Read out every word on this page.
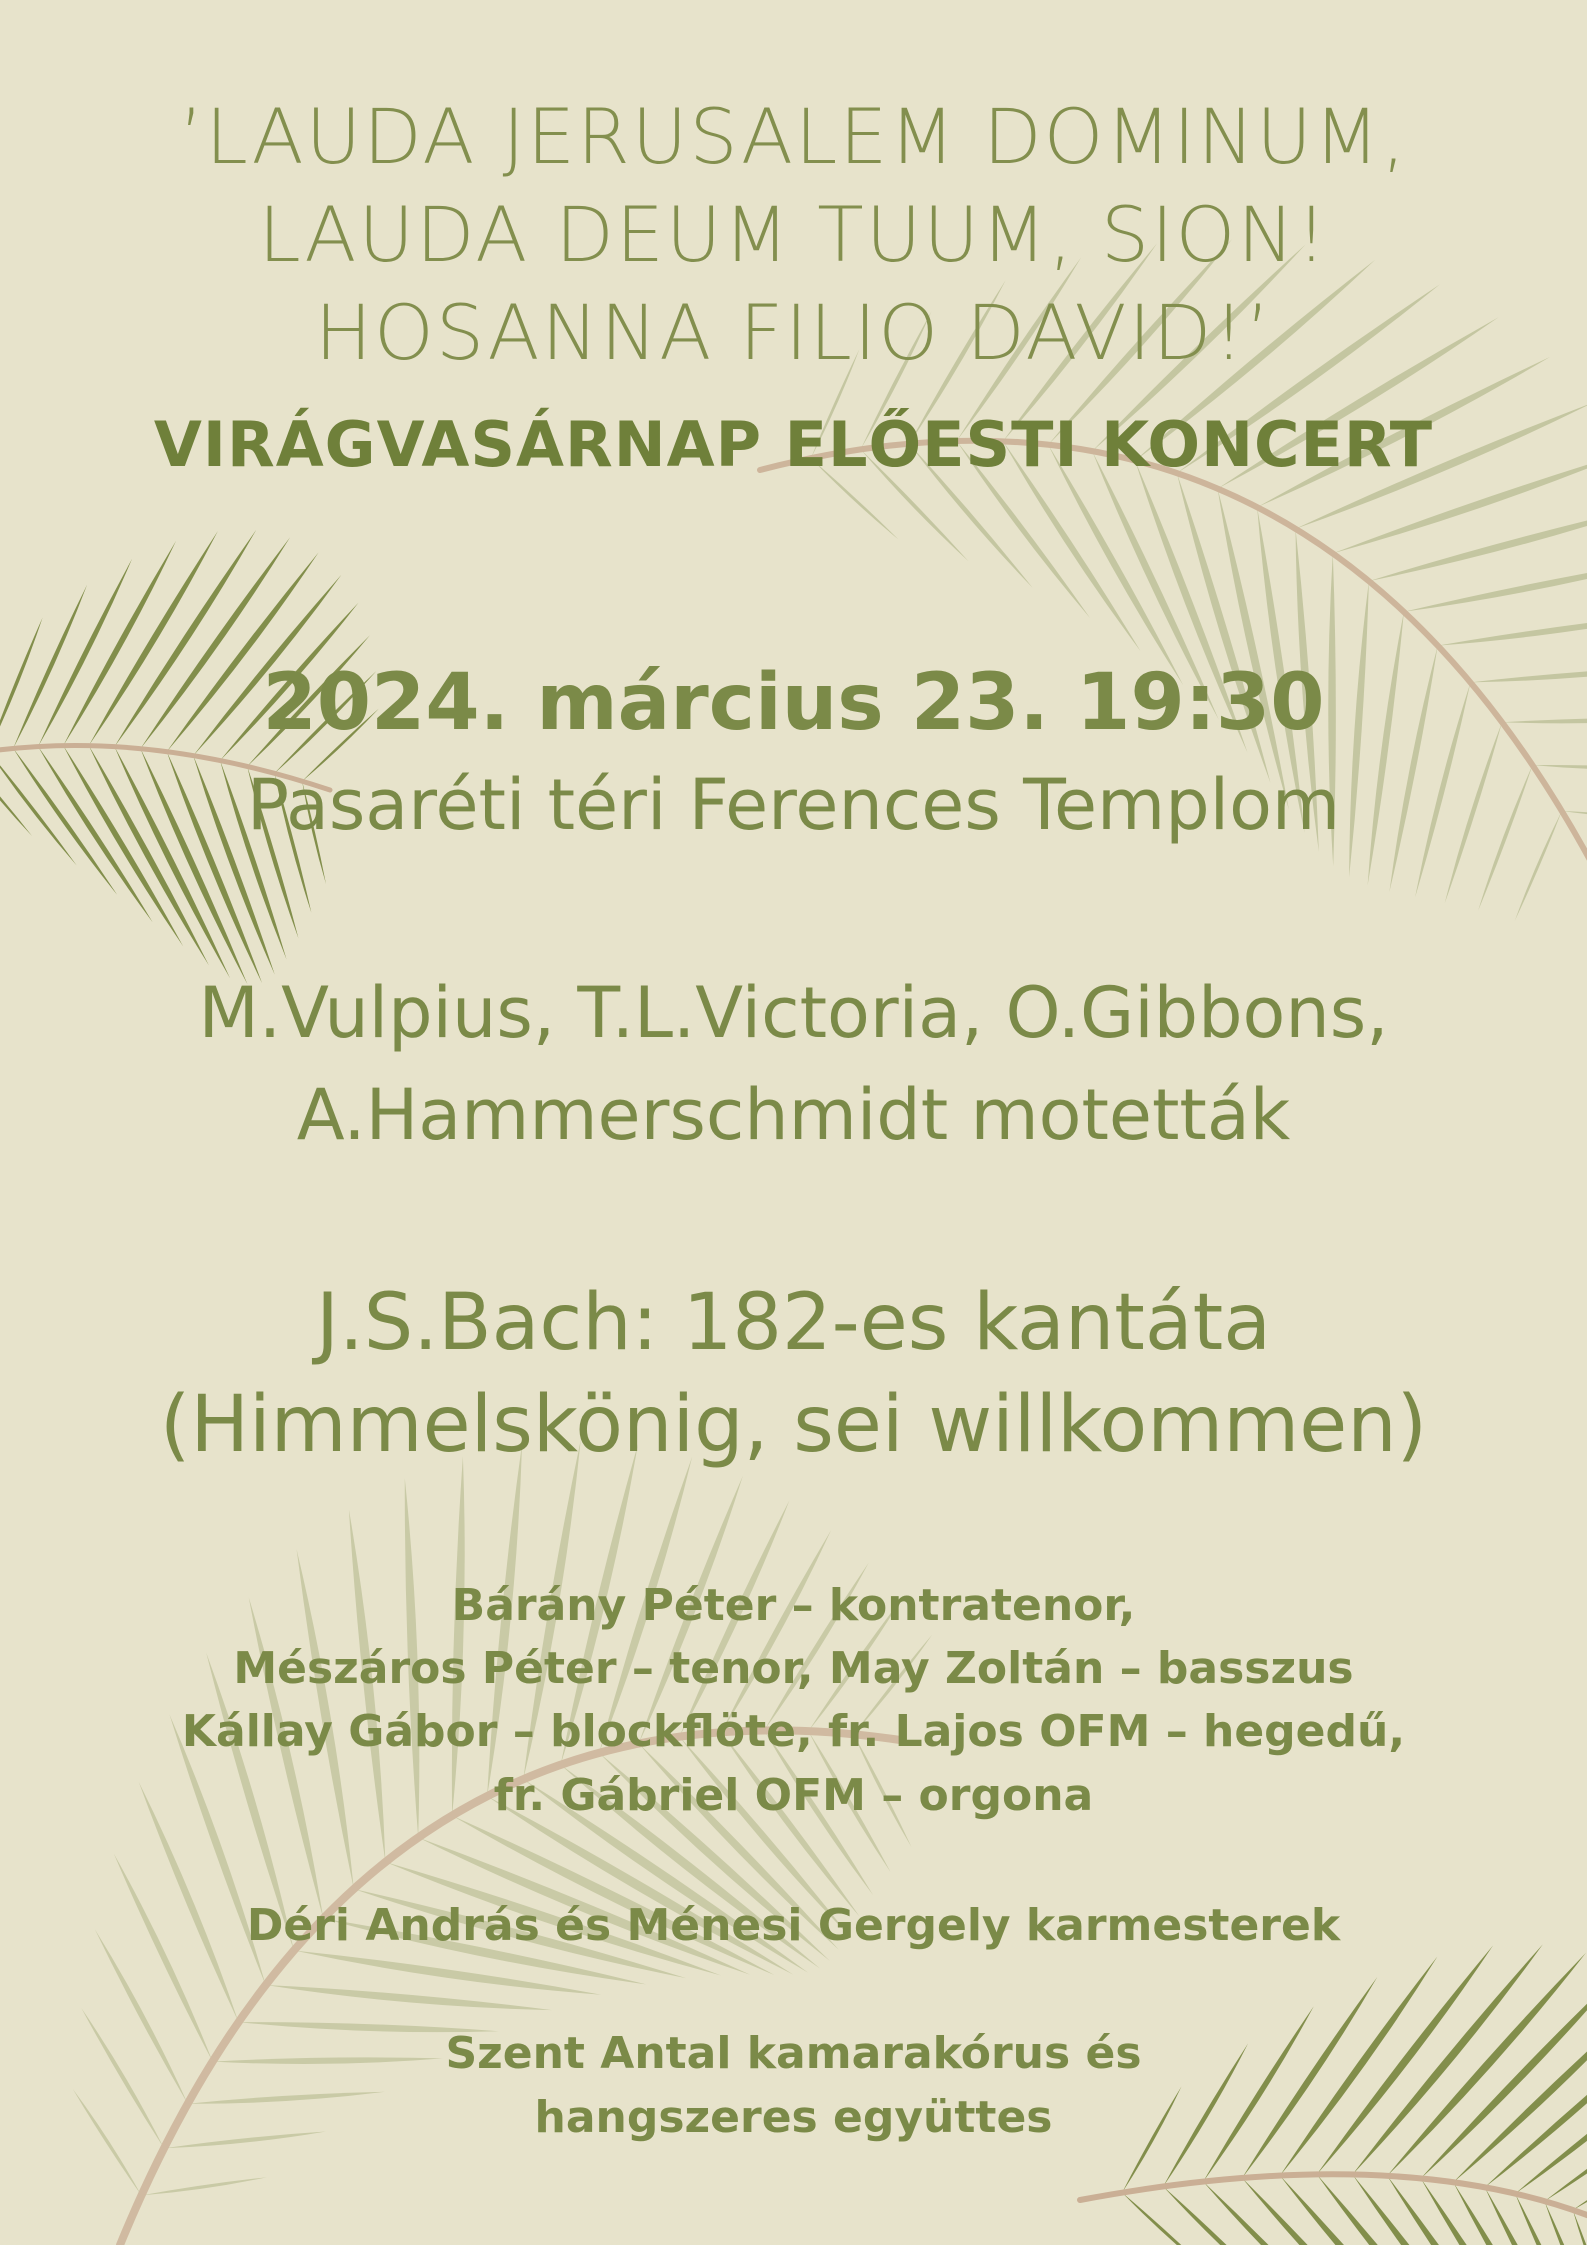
’LAUDA JERUSALEM DOMINUM,
LAUDA DEUM TUUM, SION!
HOSANNA FILIO DAVID!’
VIRÁGVASÁRNAP ELŐESTI KONCERT
2024. március 23. 19:30
Pasaréti téri Ferences Templom
M.Vulpius, T.L.Victoria, O.Gibbons,
A.Hammerschmidt motetták
J.S.Bach: 182-es kantáta
(Himmelskönig, sei willkommen)
Bárány Péter – kontratenor,
Mészáros Péter – tenor, May Zoltán – basszus
Kállay Gábor – blockflöte, fr. Lajos OFM – hegedű,
fr. Gábriel OFM – orgona
Déri András és Ménesi Gergely karmesterek
Szent Antal kamarakórus és
hangszeres együttes
